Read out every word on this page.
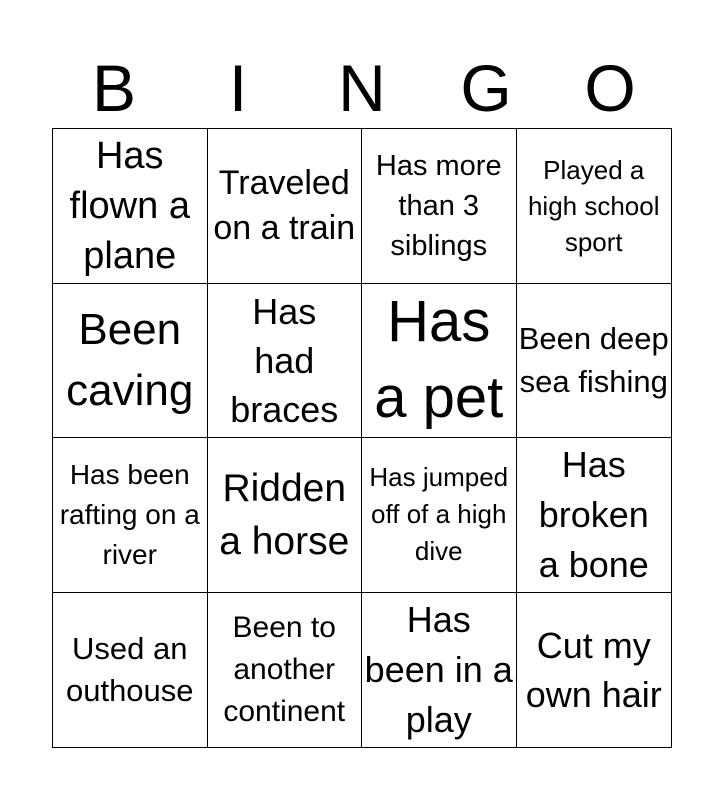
B	I	N	G	O
Has flown a plane
Traveled on a train
Has more than 3 siblings
Played a high school sport
Been caving
Has had braces
Has a pet
Been deep sea fishing
Has been rafting on a river
Ridden a horse
Has jumped off of a high dive
Has broken a bone
Used an outhouse
Been to another continent
Has been in a play
Cut my own hair
